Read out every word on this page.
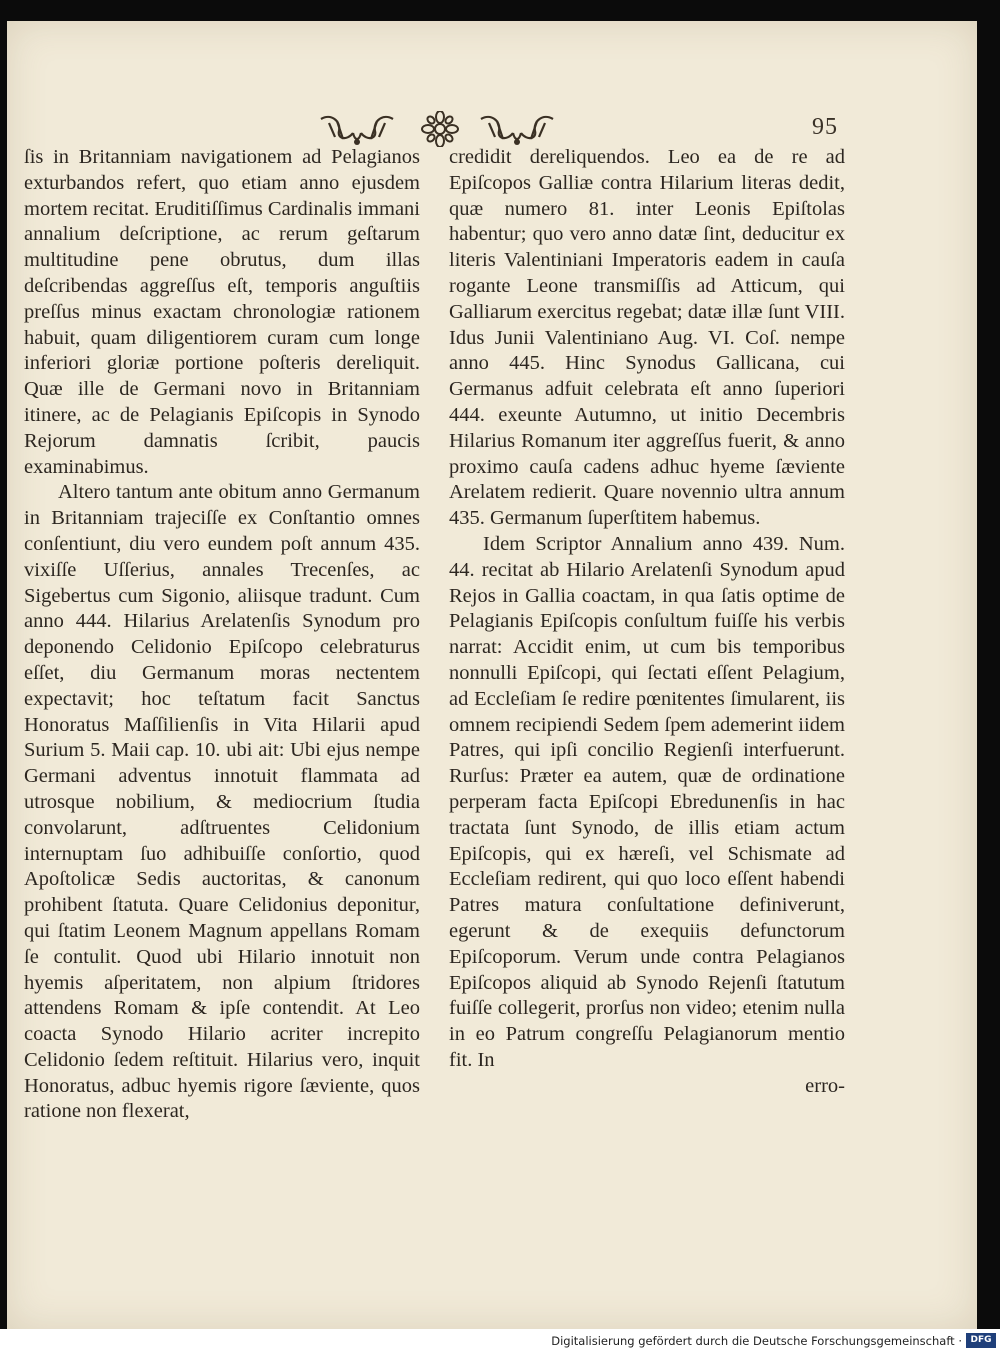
95

ſis in Britanniam navigationem ad Pelagianos exturbandos refert, quo etiam anno ejusdem mortem recitat. Eruditiſſimus Cardinalis immani annalium deſcriptione, ac rerum geſtarum multitudine pene obrutus, dum illas deſcribendas aggreſſus eſt, temporis anguſtiis preſſus minus exactam chronologiæ rationem habuit, quam diligentiorem curam cum longe inferiori gloriæ portione poſteris dereliquit. Quæ ille de Germani novo in Britanniam itinere, ac de Pelagianis Epiſcopis in Synodo Rejorum damnatis ſcribit, paucis examinabimus.

Altero tantum ante obitum anno Germanum in Britanniam trajeciſſe ex Conſtantio omnes conſentiunt, diu vero eundem poſt annum 435. vixiſſe Uſſerius, annales Trecenſes, ac Sigebertus cum Sigonio, aliisque tradunt. Cum anno 444. Hilarius Arelatenſis Synodum pro deponendo Celidonio Epiſcopo celebraturus eſſet, diu Germanum moras nectentem expectavit; hoc teſtatum facit Sanctus Honoratus Maſſilienſis in Vita Hilarii apud Surium 5. Maii cap. 10. ubi ait: Ubi ejus nempe Germani adventus innotuit flammata ad utrosque nobilium, & mediocrium ſtudia convolarunt, adſtruentes Celidonium internuptam ſuo adhibuiſſe conſortio, quod Apoſtolicæ Sedis auctoritas, & canonum prohibent ſtatuta. Quare Celidonius deponitur, qui ſtatim Leonem Magnum appellans Romam ſe contulit. Quod ubi Hilario innotuit non hyemis aſperitatem, non alpium ſtridores attendens Romam & ipſe contendit. At Leo coacta Synodo Hilario acriter increpito Celidonio ſedem reſtituit. Hilarius vero, inquit Honoratus, adbuc hyemis rigore ſæviente, quos ratione non flexerat,

credidit dereliquendos. Leo ea de re ad Epiſcopos Galliæ contra Hilarium literas dedit, quæ numero 81. inter Leonis Epiſtolas habentur; quo vero anno datæ ſint, deducitur ex literis Valentiniani Imperatoris eadem in cauſa rogante Leone transmiſſis ad Atticum, qui Galliarum exercitus regebat; datæ illæ ſunt VIII. Idus Junii Valentiniano Aug. VI. Coſ. nempe anno 445. Hinc Synodus Gallicana, cui Germanus adfuit celebrata eſt anno ſuperiori 444. exeunte Autumno, ut initio Decembris Hilarius Romanum iter aggreſſus fuerit, & anno proximo cauſa cadens adhuc hyeme ſæviente Arelatem redierit. Quare novennio ultra annum 435. Germanum ſuperſtitem habemus.

Idem Scriptor Annalium anno 439. Num. 44. recitat ab Hilario Arelatenſi Synodum apud Rejos in Gallia coactam, in qua ſatis optime de Pelagianis Epiſcopis conſultum fuiſſe his verbis narrat: Accidit enim, ut cum bis temporibus nonnulli Epiſcopi, qui ſectati eſſent Pelagium, ad Eccleſiam ſe redire pœnitentes ſimularent, iis omnem recipiendi Sedem ſpem ademerint iidem Patres, qui ipſi concilio Regienſi interfuerunt. Rurſus: Præter ea autem, quæ de ordinatione perperam facta Epiſcopi Ebredunenſis in hac tractata ſunt Synodo, de illis etiam actum Epiſcopis, qui ex hæreſi, vel Schismate ad Eccleſiam redirent, qui quo loco eſſent habendi Patres matura conſultatione definiverunt, egerunt & de exequiis defunctorum Epiſcoporum. Verum unde contra Pelagianos Epiſcopos aliquid ab Synodo Rejenſi ſtatutum fuiſſe collegerit, prorſus non video; etenim nulla in eo Patrum congreſſu Pelagianorum mentio fit. In

erro-

Digitalisierung gefördert durch die Deutsche Forschungsgemeinschaft · DFG
